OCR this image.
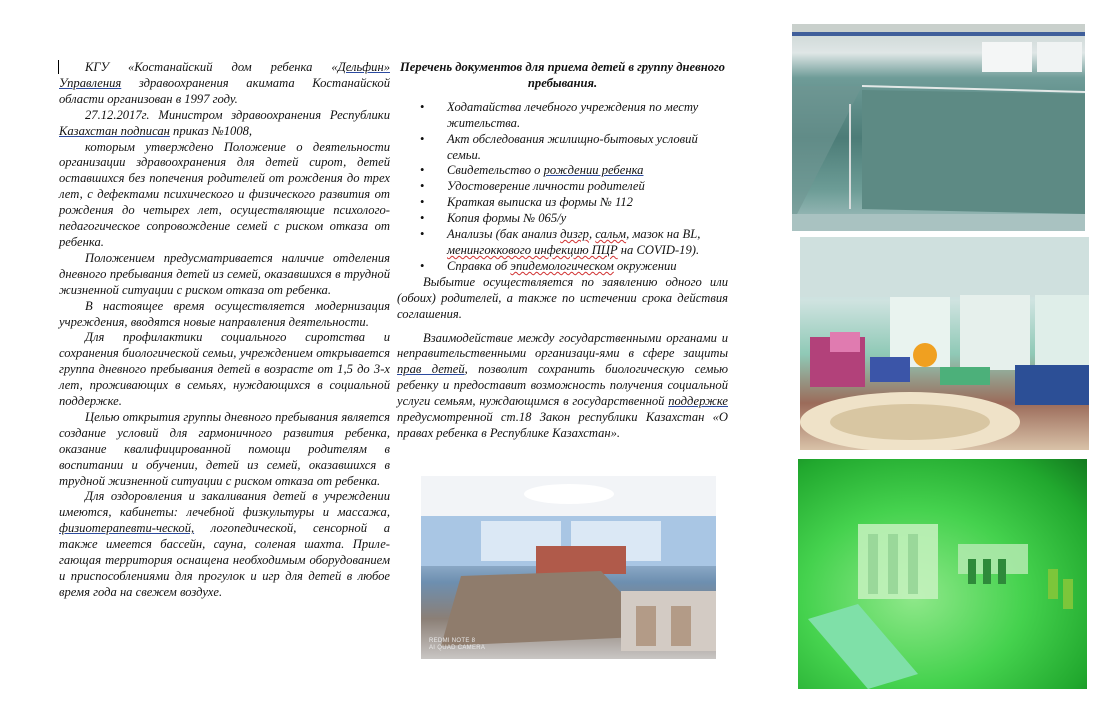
КГУ «Костанайский дом ребенка «Дельфин» Управления здравоохранения акимата Костанайской области организован в 1997 году.

27.12.2017г. Министром здравоохранения Республики Казахстан подписан приказ №1008,

которым утверждено Положение о деятельности организации здравоохранения для детей сирот, детей оставшихся без попечения родителей от рождения до трех лет, с дефектами психического и физического развития от рождения до четырех лет, осуществляющие психолого-педагогическое сопровождение семей с риском отказа от ребенка.

Положением предусматривается наличие отделения дневного пребывания детей из семей, оказавшихся в трудной жизненной ситуации с риском отказа от ребенка.

В настоящее время осуществляется модернизация учреждения, вводятся новые направления деятельности.

Для профилактики социального сиротства и сохранения биологической семьи, учреждением открывается группа дневного пребывания детей в возрасте от 1,5 до 3-х лет, проживающих в семьях, нуждающихся в социальной поддержке.

Целью открытия группы дневного пребывания является создание условий для гармоничного развития ребенка, оказание квалифицированной помощи родителям в воспитании и обучении, детей из семей, оказавшихся в трудной жизненной ситуации с риском отказа от ребенка.

Для оздоровления и закаливания детей в учреждении имеются, кабинеты: лечебной физкультуры и массажа, физиотерапевти-ческой, логопедической, сенсорной а также имеется бассейн, сауна, соленая шахта. Приле-гающая территория оснащена необходимым оборудованием и приспособлениями для прогулок и игр для детей в любое время года на свежем воздухе.

Перечень документов для приема детей в группу дневного пребывания.

• Ходатайства лечебного учреждения по месту жительства.
• Акт обследования жилищно-бытовых условий семьи.
• Свидетельство о рождении ребенка
• Удостоверение личности родителей
• Краткая выписка из формы № 112
• Копия формы № 065/у
• Анализы (бак анализ дизгр, сальм, мазок на BL, менингоккового инфекцию ПЦР на COVID-19).
• Справка об эпидемологическом окружении

Выбытие осуществляется по заявлению одного или (обоих) родителей, а также по истечении срока действия соглашения.

Взаимодействие между государственными органами и неправительственными организаци-ями в сфере защиты прав детей, позволит сохранить биологическую семью ребенку и предоставит возможность получения социальной услуги семьям, нуждающимся в государственной поддержке предусмотренной ст.18 Закон республики Казахстан «О правах ребенка в Республике Казахстан».

REDMI NOTE 8
AI QUAD CAMERA
